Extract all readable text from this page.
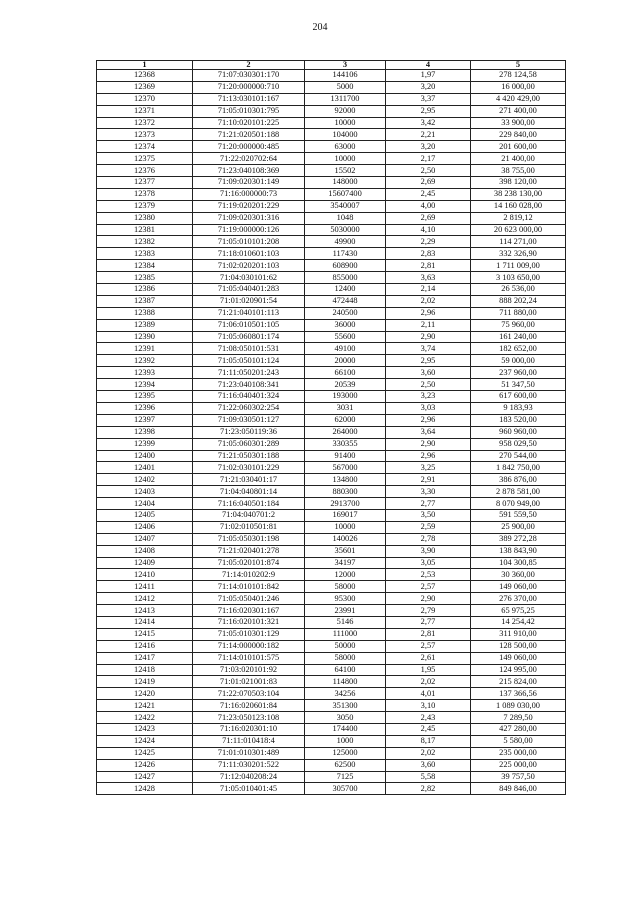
204
1	2	3	4	5
12368	71:07:030301:170	144106	1,97	278 124,58
12369	71:20:000000:710	5000	3,20	16 000,00
12370	71:13:030101:167	1311700	3,37	4 420 429,00
12371	71:05:010301:795	92000	2,95	271 400,00
12372	71:10:020101:225	10000	3,42	33 900,00
12373	71:21:020501:188	104000	2,21	229 840,00
12374	71:20:000000:485	63000	3,20	201 600,00
12375	71:22:020702:64	10000	2,17	21 400,00
12376	71:23:040108:369	15502	2,50	38 755,00
12377	71:09:020301:149	148000	2,69	398 120,00
12378	71:16:000000:73	15607400	2,45	38 238 130,00
12379	71:19:020201:229	3540007	4,00	14 160 028,00
12380	71:09:020301:316	1048	2,69	2 819,12
12381	71:19:000000:126	5030000	4,10	20 623 000,00
12382	71:05:010101:208	49900	2,29	114 271,00
12383	71:18:010601:103	117430	2,83	332 326,90
12384	71:02:020201:103	608900	2,81	1 711 009,00
12385	71:04:030101:62	855000	3,63	3 103 650,00
12386	71:05:040401:283	12400	2,14	26 536,00
12387	71:01:020901:54	472448	2,02	888 202,24
12388	71:21:040101:113	240500	2,96	711 880,00
12389	71:06:010501:105	36000	2,11	75 960,00
12390	71:05:060801:174	55600	2,90	161 240,00
12391	71:08:050101:531	49100	3,74	182 652,00
12392	71:05:050101:124	20000	2,95	59 000,00
12393	71:11:050201:243	66100	3,60	237 960,00
12394	71:23:040108:341	20539	2,50	51 347,50
12395	71:16:040401:324	193000	3,23	617 600,00
12396	71:22:060302:254	3031	3,03	9 183,93
12397	71:09:030501:127	62000	2,96	183 520,00
12398	71:23:050119:36	264000	3,64	960 960,00
12399	71:05:060301:289	330355	2,90	958 029,50
12400	71:21:050301:188	91400	2,96	270 544,00
12401	71:02:030101:229	567000	3,25	1 842 750,00
12402	71:21:030401:17	134800	2,91	386 876,00
12403	71:04:040801:14	880300	3,30	2 878 581,00
12404	71:16:040501:184	2913700	2,77	8 070 949,00
12405	71:04:040701:2	169017	3,50	591 559,50
12406	71:02:010501:81	10000	2,59	25 900,00
12407	71:05:050301:198	140026	2,78	389 272,28
12408	71:21:020401:278	35601	3,90	138 843,90
12409	71:05:020101:874	34197	3,05	104 300,85
12410	71:14:010202:9	12000	2,53	30 360,00
12411	71:14:010101:842	58000	2,57	149 060,00
12412	71:05:050401:246	95300	2,90	276 370,00
12413	71:16:020301:167	23991	2,79	65 975,25
12414	71:16:020101:321	5146	2,77	14 254,42
12415	71:05:010301:129	111000	2,81	311 910,00
12416	71:14:000000:182	50000	2,57	128 500,00
12417	71:14:010101:575	58000	2,61	149 060,00
12418	71:03:020101:92	64100	1,95	124 995,00
12419	71:01:021001:83	114800	2,02	215 824,00
12420	71:22:070503:104	34256	4,01	137 366,56
12421	71:16:020601:84	351300	3,10	1 089 030,00
12422	71:23:050123:108	3050	2,43	7 289,50
12423	71:16:020301:10	174400	2,45	427 280,00
12424	71:11:010418:4	1000	8,17	5 580,00
12425	71:01:010301:489	125000	2,02	235 000,00
12426	71:11:030201:522	62500	3,60	225 000,00
12427	71:12:040208:24	7125	5,58	39 757,50
12428	71:05:010401:45	305700	2,82	849 846,00
